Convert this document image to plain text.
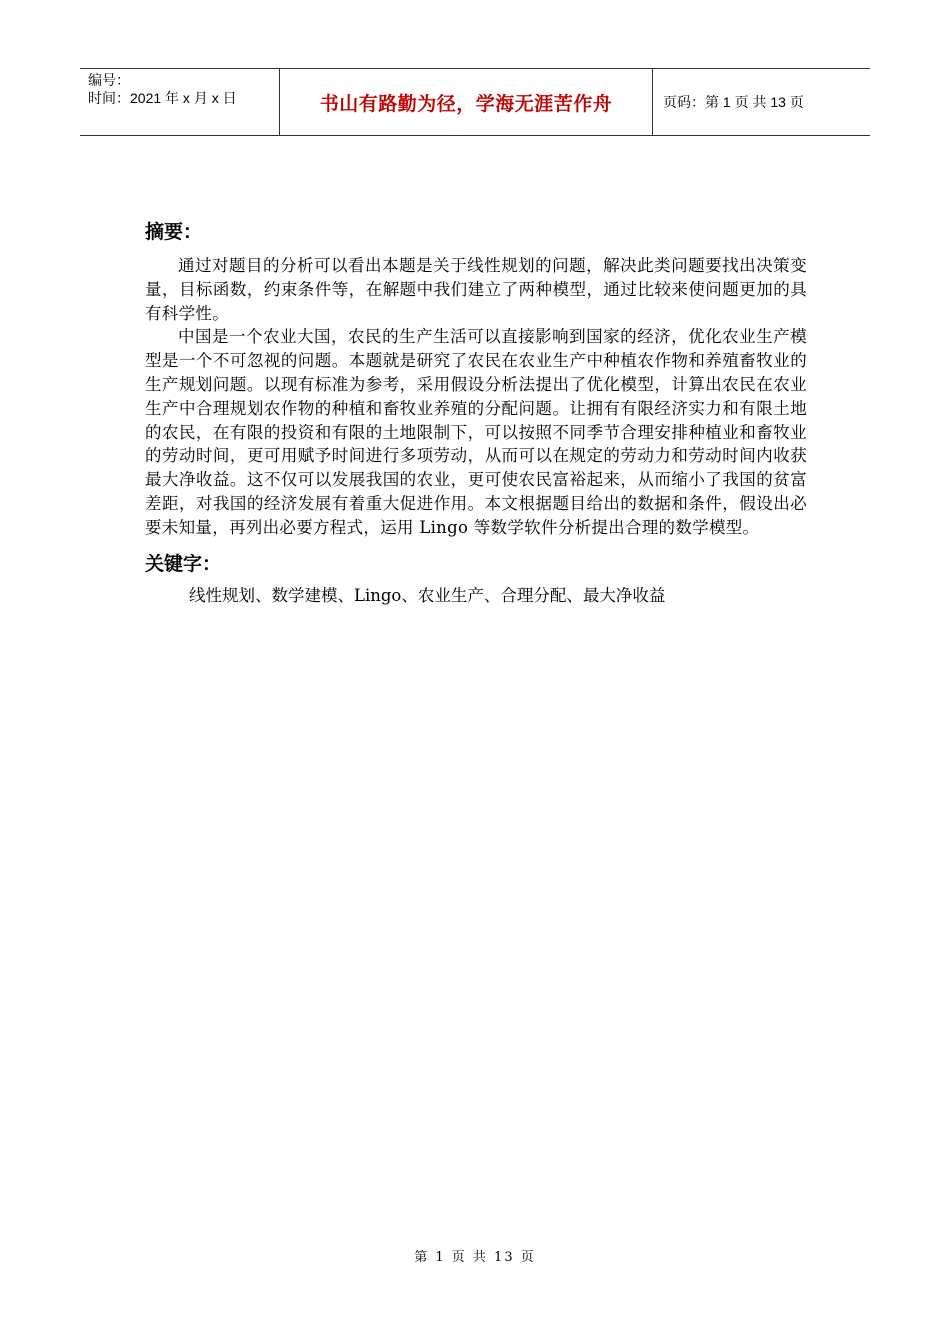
编号：
时间：2021 年 x 月 x 日	书山有路勤为径，学海无涯苦作舟	页码：第 1 页 共 13 页
摘要：

通过对题目的分析可以看出本题是关于线性规划的问题，解决此类问题要找出决策变量，目标函数，约束条件等，在解题中我们建立了两种模型，通过比较来使问题更加的具有科学性。

中国是一个农业大国，农民的生产生活可以直接影响到国家的经济，优化农业生产模型是一个不可忽视的问题。本题就是研究了农民在农业生产中种植农作物和养殖畜牧业的生产规划问题。以现有标准为参考，采用假设分析法提出了优化模型，计算出农民在农业生产中合理规划农作物的种植和畜牧业养殖的分配问题。让拥有有限经济实力和有限土地的农民，在有限的投资和有限的土地限制下，可以按照不同季节合理安排种植业和畜牧业的劳动时间，更可用赋予时间进行多项劳动，从而可以在规定的劳动力和劳动时间内收获最大净收益。这不仅可以发展我国的农业，更可使农民富裕起来，从而缩小了我国的贫富差距，对我国的经济发展有着重大促进作用。本文根据题目给出的数据和条件，假设出必要未知量，再列出必要方程式，运用 Lingo 等数学软件分析提出合理的数学模型。

关键字：

线性规划、数学建模、Lingo、农业生产、合理分配、最大净收益

第 1 页 共 13 页
